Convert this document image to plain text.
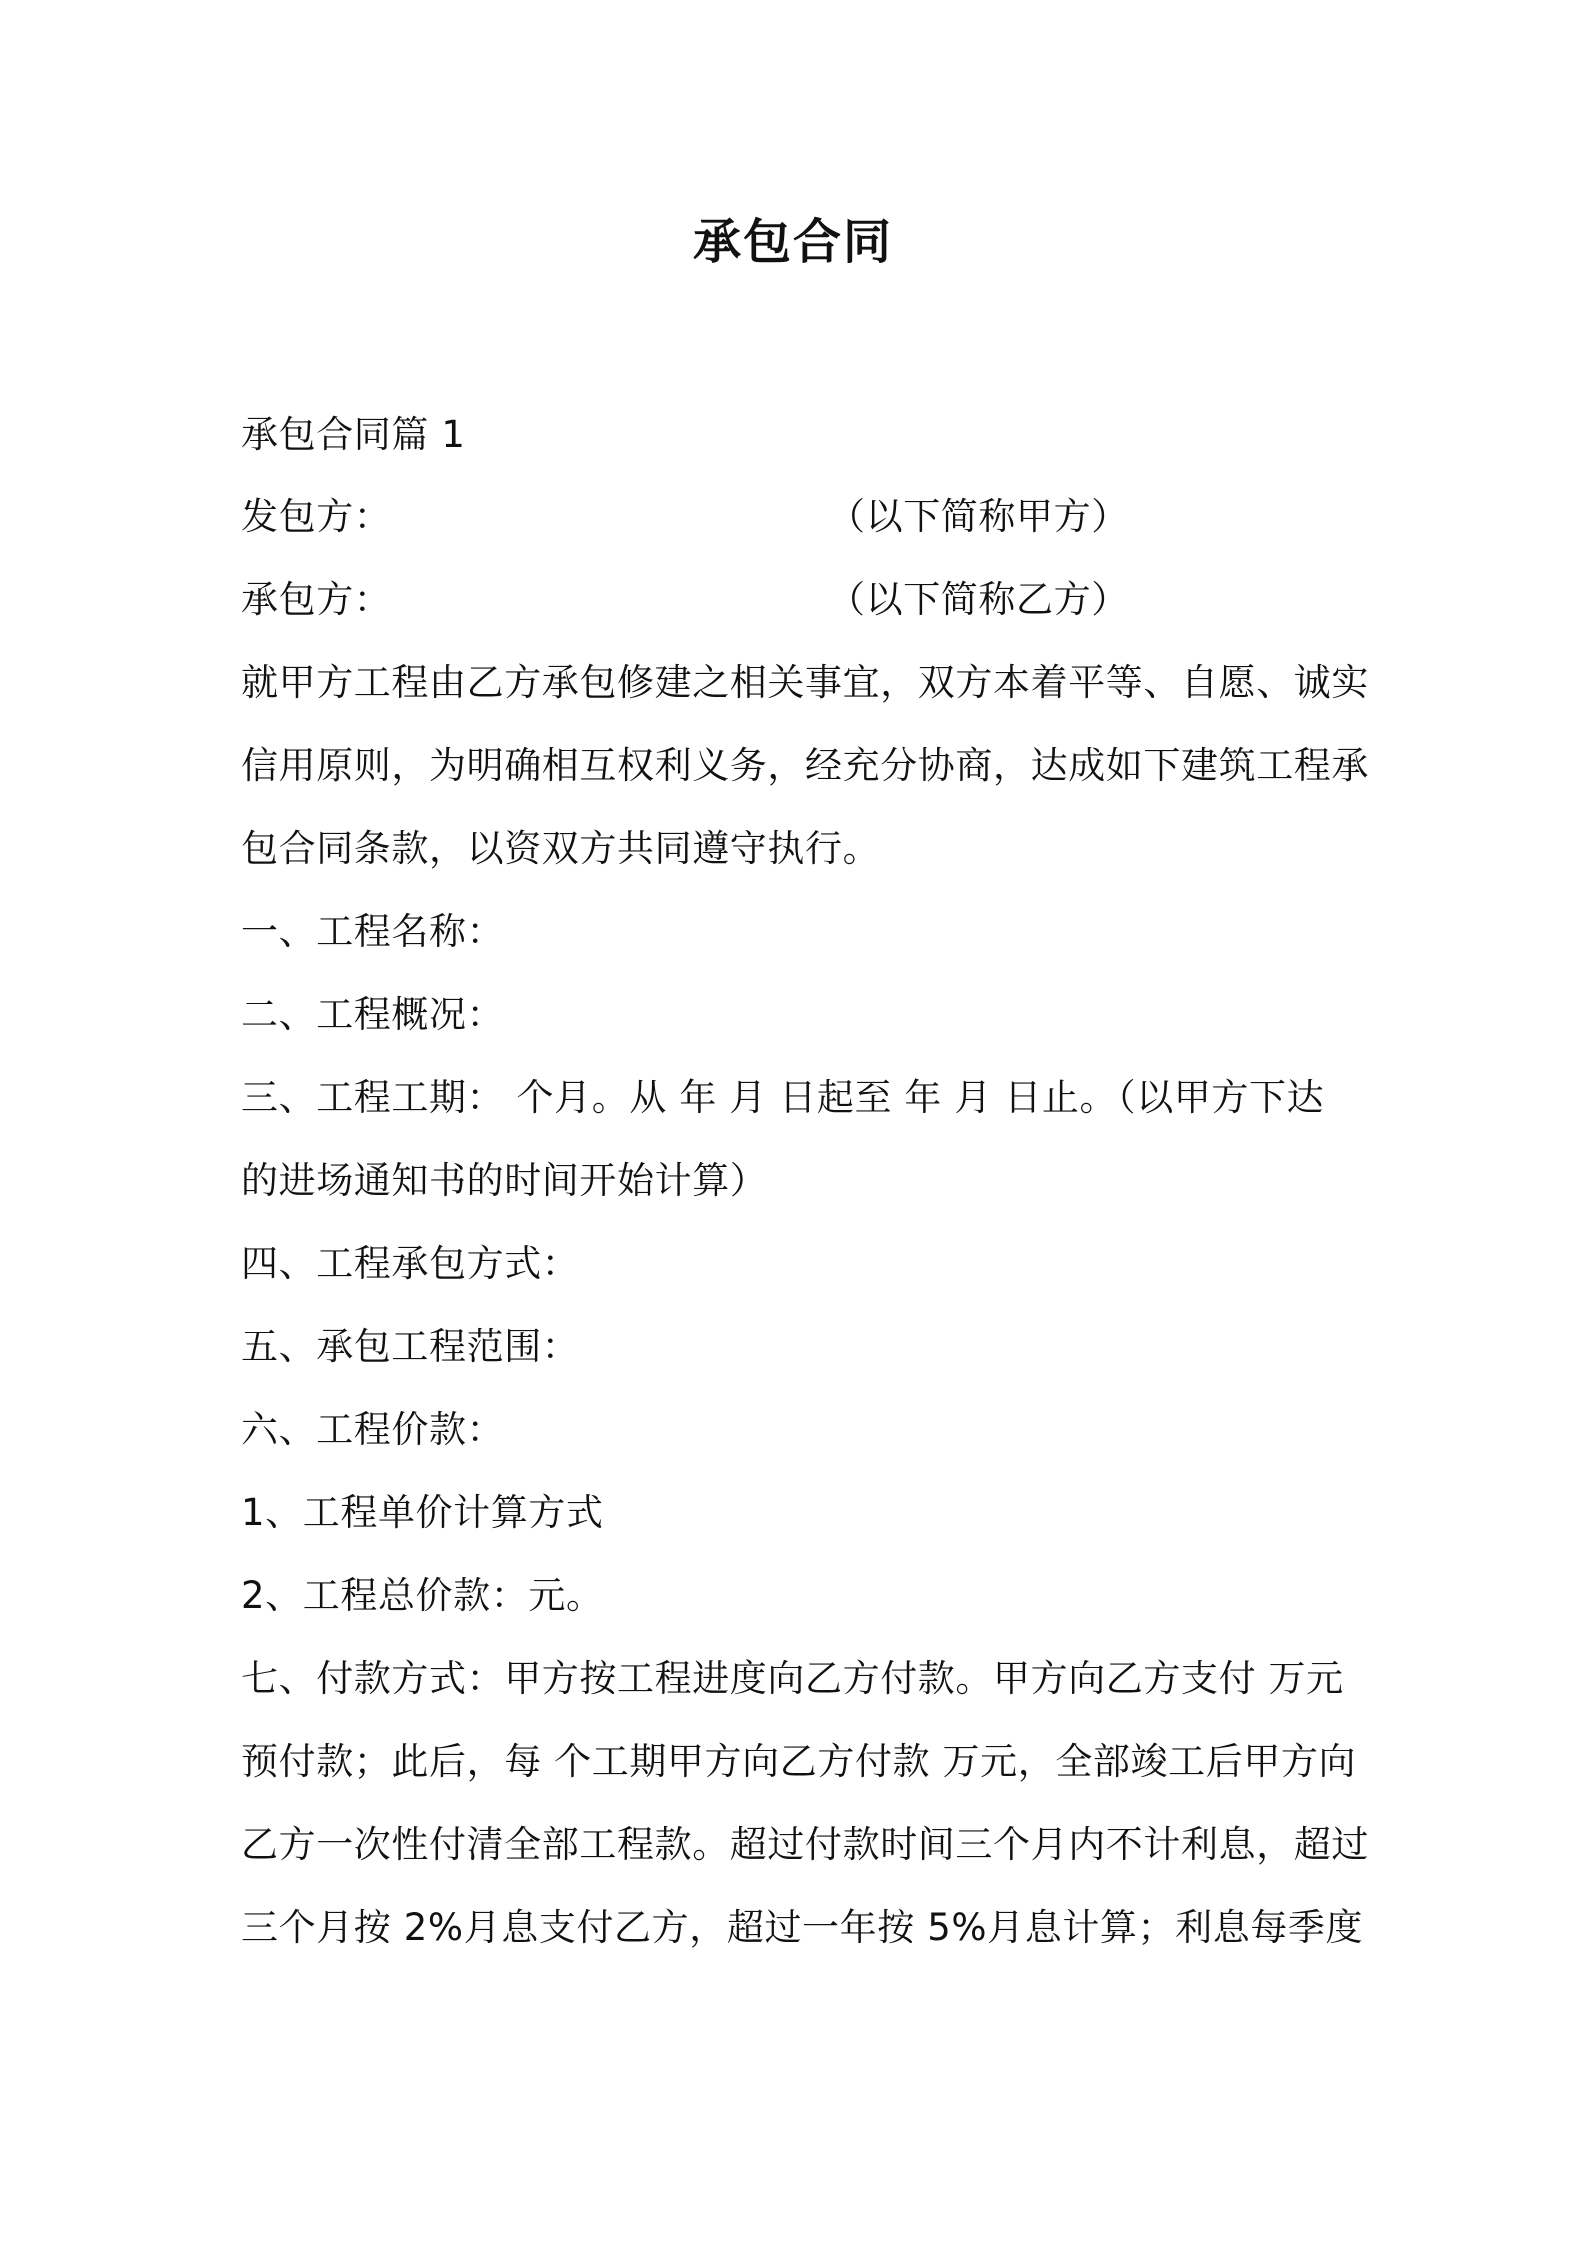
承包合同
承包合同篇 1
发包方：	（以下简称甲方）
承包方：	（以下简称乙方）
就甲方工程由乙方承包修建之相关事宜，双方本着平等、自愿、诚实
信用原则，为明确相互权利义务，经充分协商，达成如下建筑工程承
包合同条款，以资双方共同遵守执行。
一、工程名称：
二、工程概况：
三、工程工期： 个月。从 年 月 日起至 年 月 日止。（以甲方下达
的进场通知书的时间开始计算）
四、工程承包方式：
五、承包工程范围：
六、工程价款：
1、工程单价计算方式
2、工程总价款：元。
七、付款方式：甲方按工程进度向乙方付款。甲方向乙方支付 万元
预付款；此后，每 个工期甲方向乙方付款 万元，全部竣工后甲方向
乙方一次性付清全部工程款。超过付款时间三个月内不计利息，超过
三个月按 2%月息支付乙方，超过一年按 5%月息计算；利息每季度
